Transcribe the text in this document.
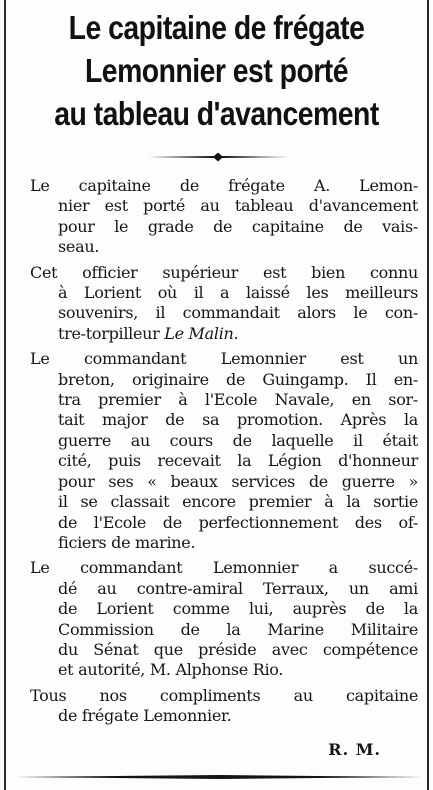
Le capitaine de frégate
Lemonnier est porté
au tableau d'avancement

Le capitaine de frégate A. Lemon-
nier est porté au tableau d'avancement
pour le grade de capitaine de vais-
seau.

Cet officier supérieur est bien connu
à Lorient où il a laissé les meilleurs
souvenirs, il commandait alors le con-
tre-torpilleur Le Malin.

Le commandant Lemonnier est un
breton, originaire de Guingamp. Il en-
tra premier à l'Ecole Navale, en sor-
tait major de sa promotion. Après la
guerre au cours de laquelle il était
cité, puis recevait la Légion d'honneur
pour ses « beaux services de guerre »
il se classait encore premier à la sortie
de l'Ecole de perfectionnement des of-
ficiers de marine.

Le commandant Lemonnier a succé-
dé au contre-amiral Terraux, un ami
de Lorient comme lui, auprès de la
Commission de la Marine Militaire
du Sénat que préside avec compétence
et autorité, M. Alphonse Rio.

Tous nos compliments au capitaine
de frégate Lemonnier.

R. M.
